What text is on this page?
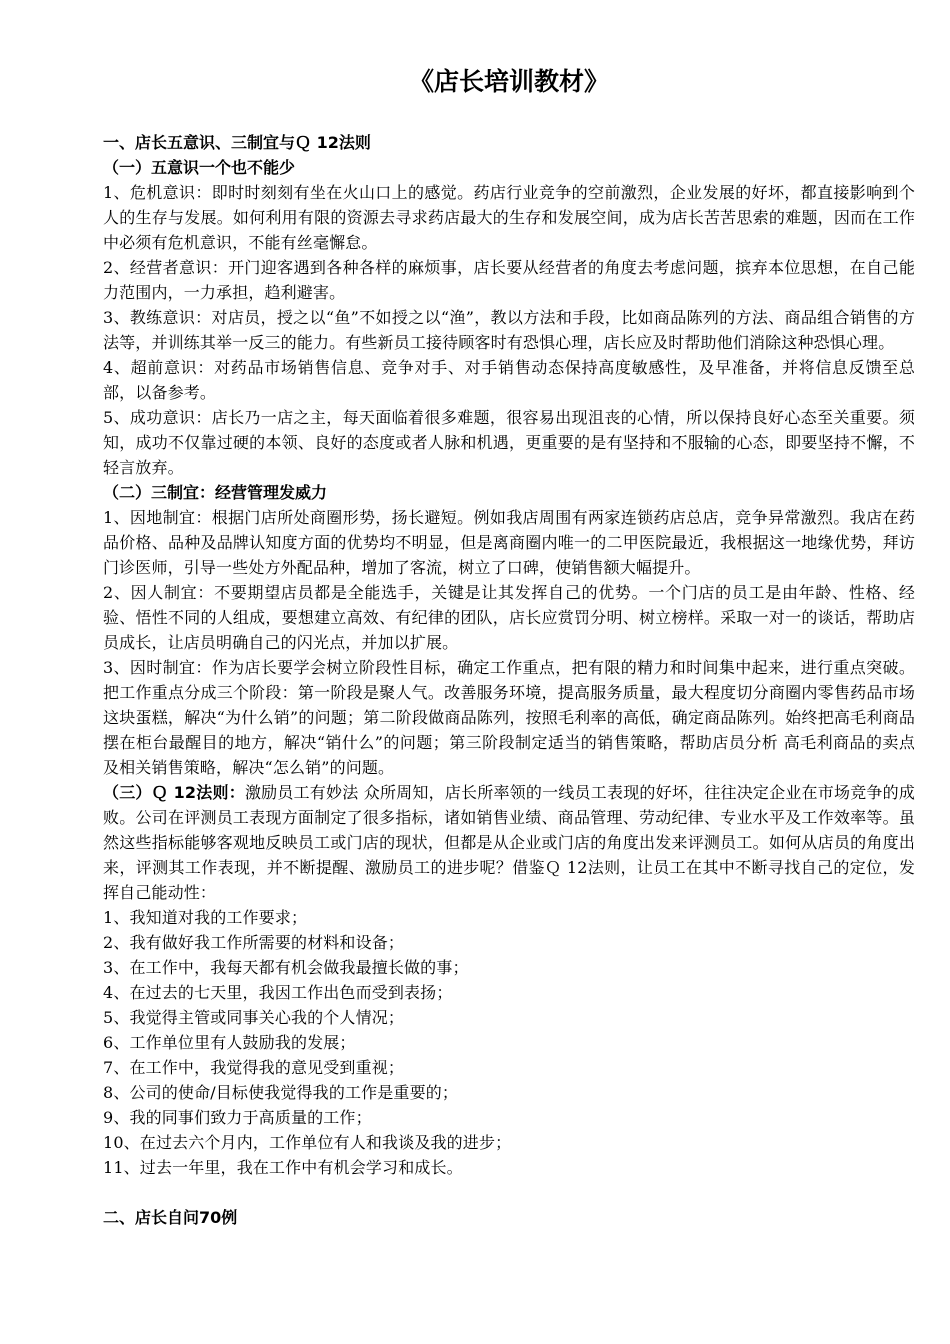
《店长培训教材》

一、店长五意识、三制宜与Ｑ 12法则

（一）五意识一个也不能少

1、危机意识：即时时刻刻有坐在火山口上的感觉。药店行业竞争的空前激烈，企业发展的好坏，都直接影响到个人的生存与发展。如何利用有限的资源去寻求药店最大的生存和发展空间，成为店长苦苦思索的难题，因而在工作中必须有危机意识，不能有丝毫懈怠。

2、经营者意识：开门迎客遇到各种各样的麻烦事，店长要从经营者的角度去考虑问题，摈弃本位思想，在自己能力范围内，一力承担，趋利避害。

3、教练意识：对店员，授之以“鱼”不如授之以“渔”，教以方法和手段，比如商品陈列的方法、商品组合销售的方法等，并训练其举一反三的能力。有些新员工接待顾客时有恐惧心理，店长应及时帮助他们消除这种恐惧心理。

4、超前意识：对药品市场销售信息、竞争对手、对手销售动态保持高度敏感性，及早准备，并将信息反馈至总部，以备参考。

5、成功意识：店长乃一店之主，每天面临着很多难题，很容易出现沮丧的心情，所以保持良好心态至关重要。须知，成功不仅靠过硬的本领、良好的态度或者人脉和机遇，更重要的是有坚持和不服输的心态，即要坚持不懈，不轻言放弃。

（二）三制宜：经营管理发威力

1、因地制宜：根据门店所处商圈形势，扬长避短。例如我店周围有两家连锁药店总店，竞争异常激烈。我店在药品价格、品种及品牌认知度方面的优势均不明显，但是离商圈内唯一的二甲医院最近，我根据这一地缘优势，拜访门诊医师，引导一些处方外配品种，增加了客流，树立了口碑，使销售额大幅提升。

2、因人制宜：不要期望店员都是全能选手，关键是让其发挥自己的优势。一个门店的员工是由年龄、性格、经验、悟性不同的人组成，要想建立高效、有纪律的团队，店长应赏罚分明、树立榜样。采取一对一的谈话，帮助店员成长，让店员明确自己的闪光点，并加以扩展。

3、因时制宜：作为店长要学会树立阶段性目标，确定工作重点，把有限的精力和时间集中起来，进行重点突破。把工作重点分成三个阶段：第一阶段是聚人气。改善服务环境，提高服务质量，最大程度切分商圈内零售药品市场这块蛋糕，解决“为什么销”的问题；第二阶段做商品陈列，按照毛利率的高低，确定商品陈列。始终把高毛利商品摆在柜台最醒目的地方，解决“销什么”的问题；第三阶段制定适当的销售策略，帮助店员分析 高毛利商品的卖点及相关销售策略，解决“怎么销”的问题。

（三）Ｑ 12法则：激励员工有妙法 众所周知，店长所率领的一线员工表现的好坏，往往决定企业在市场竞争的成败。公司在评测员工表现方面制定了很多指标，诸如销售业绩、商品管理、劳动纪律、专业水平及工作效率等。虽然这些指标能够客观地反映员工或门店的现状，但都是从企业或门店的角度出发来评测员工。如何从店员的角度出来，评测其工作表现，并不断提醒、激励员工的进步呢？借鉴Ｑ 12法则，让员工在其中不断寻找自己的定位，发挥自己能动性：

1、我知道对我的工作要求；

2、我有做好我工作所需要的材料和设备；

3、在工作中，我每天都有机会做我最擅长做的事；

4、在过去的七天里，我因工作出色而受到表扬；

5、我觉得主管或同事关心我的个人情况；

6、工作单位里有人鼓励我的发展；

7、在工作中，我觉得我的意见受到重视；

8、公司的使命/目标使我觉得我的工作是重要的；

9、我的同事们致力于高质量的工作；

10、在过去六个月内，工作单位有人和我谈及我的进步；

11、过去一年里，我在工作中有机会学习和成长。

二、店长自问70例
